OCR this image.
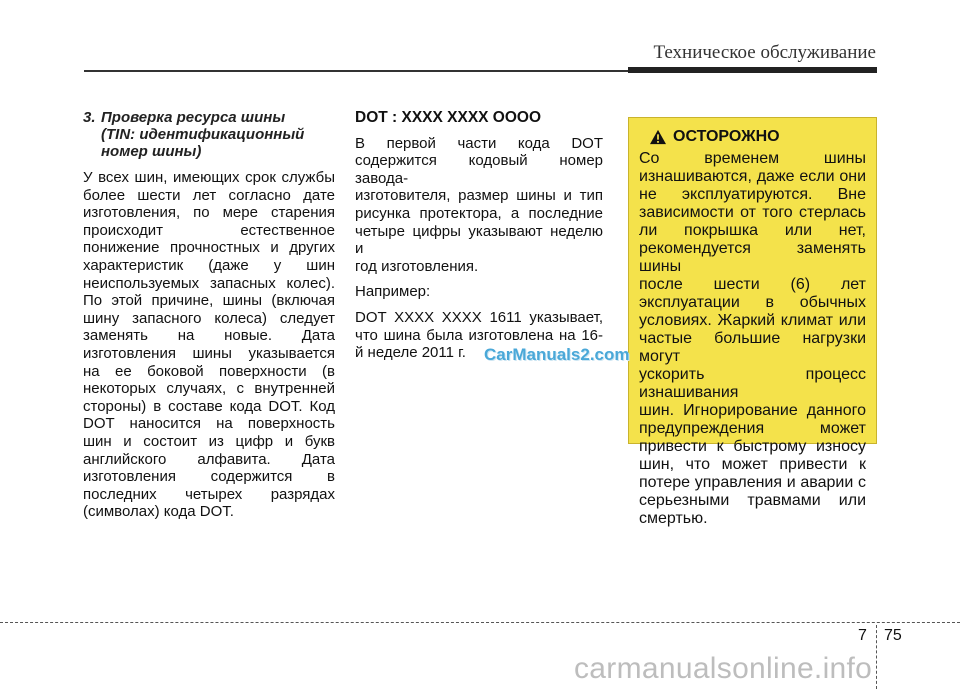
Техническое обслуживание
3. Проверка ресурса шины
(TIN: идентификационный
номер шины)
У всех шин, имеющих срок службы
более шести лет согласно дате
изготовления, по мере старения
происходит естественное
понижение прочностных и других
характеристик (даже у шин
неиспользуемых запасных колес).
По этой причине, шины (включая
шину запасного колеса) следует
заменять на новые. Дата
изготовления шины указывается
на ее боковой поверхности (в
некоторых случаях, с внутренней
стороны) в составе кода DOT. Код
DOT наносится на поверхность
шин и состоит из цифр и букв
английского алфавита. Дата
изготовления содержится в
последних четырех разрядах
(символах) кода DOT.
DOT : XXXX XXXX OOOO
В первой части кода DOT
содержится кодовый номер завода-
изготовителя, размер шины и тип
рисунка протектора, а последние
четыре цифры указывают неделю и
год изготовления.
Например:
DOT XXXX XXXX 1611 указывает,
что шина была изготовлена на 16-
й неделе 2011 г.
ОСТОРОЖНО
Со временем шины
изнашиваются, даже если они
не эксплуатируются. Вне
зависимости от того стерлась
ли покрышка или нет,
рекомендуется заменять шины
после шести (6) лет
эксплуатации в обычных
условиях. Жаркий климат или
частые большие нагрузки могут
ускорить процесс изнашивания
шин. Игнорирование данного
предупреждения может
привести к быстрому износу
шин, что может привести к
потере управления и аварии с
серьезными травмами или
смертью.
CarManuals2.com
7 75
carmanualsonline.info
